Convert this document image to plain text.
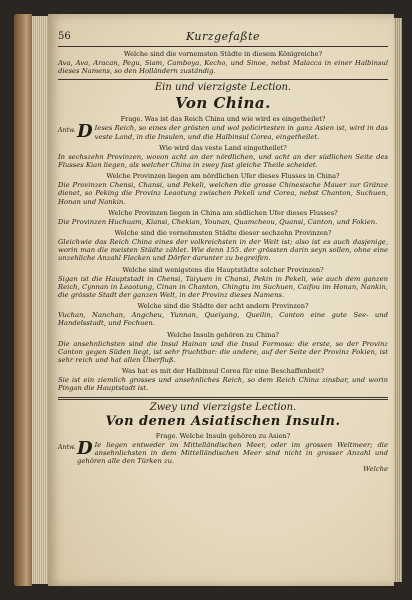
56	Kurzgefaßte
Welche sind die vornemsten Städte in diesem Königreiche?
Ava, Ava, Aracan, Pegu, Siam, Camboya, Kecho, und Sinoe, nebst Malacca in einer Halbinsul dieses Namens, so den Holländern zuständig.
Ein und vierzigste Lection.
Von China.
Frage. Was ist das Reich China und wie wird es eingetheilet?
Antw. D Ieses Reich, so eines der grösten und wol policirtesten in ganz Asien ist, wird in das veste Land, in die Insulen, und die Halbinsul Corea, eingetheilet.
Wie wird das veste Land eingetheilet?
In sechszehn Provinzen, wovon acht an der nördlichen, und acht an der südlichen Seite des Flusses Kian liegen, als welcher China in zwey fast gleiche Theile scheidet.
Welche Provinzen liegen am nördlichen Ufer dieses Flusses in China?
Die Provinzen Chensi, Chansi, und Pekeli, welchen die grosse Chinesische Mauer zur Gränze dienet, so Peking die Provinz Leaotung zwischen Pekeli und Corea, nebst Chanton, Suchuen, Honan und Nankin.
Welche Provinzen liegen in China am südlichen Ufer dieses Flusses?
Die Provinzen Huchuam, Kiansi, Chekian, Younan, Quamcheou, Quansi, Canton, und Fokien.
Welche sind die vornehmsten Städte dieser sechzehn Provinzen?
Gleichwie das Reich China eines der volkreichsten in der Welt ist; also ist es auch dasjenige, worin man die meisten Städte zählet. Wie denn 155. der grössten darin seyn sollen, ohne eine unzehliche Anzahl Flecken und Dörfer darunter zu begreifen.
Welche sind wenigstens die Hauptstädte solcher Provinzen?
Sigan ist die Hauptstadt in Chensi, Taiyuen in Chansi, Pekin in Pekeli, wie auch dem ganzen Reich, Cynnan in Leaotung, Cinan in Chanton, Chingtu im Suchuen, Caifou im Honan, Nankin, die grösste Stadt der ganzen Welt, in der Provinz dieses Namens.
Welche sind die Städte der acht andern Provinzen?
Vuchan, Nanchan, Angcheu, Yunnan, Queiyang, Queilin, Canton eine gute See- und Handelsstadt, und Fochuen.
Welche Insuln gehören zu China?
Die ansehnlichsten sind die Insul Hainan und die Insul Formosa: die erste, so der Provinz Canton gegen Süden liegt, ist sehr fruchtbar: die andere, auf der Seite der Provinz Fokien, ist sehr reich und hat allen Überfluß.
Was hat es mit der Halbinsul Corea für eine Beschaffenheit?
Sie ist ein ziemlich grosses und ansehnliches Reich, so dem Reich China zinsbar, und worin Pingan die Hauptstadt ist.
Zwey und vierzigste Lection.
Von denen Asiatischen Insuln.
Frage. Welche Insuln gehören zu Asien?
Antw. D Ie liegen entweder im Mittelländischen Meer, oder im grossen Weltmeer; die ansehnlichsten in dem Mittelländischen Meer sind nicht in grosser Anzahl und gehören alle den Türken zu.
Welche
